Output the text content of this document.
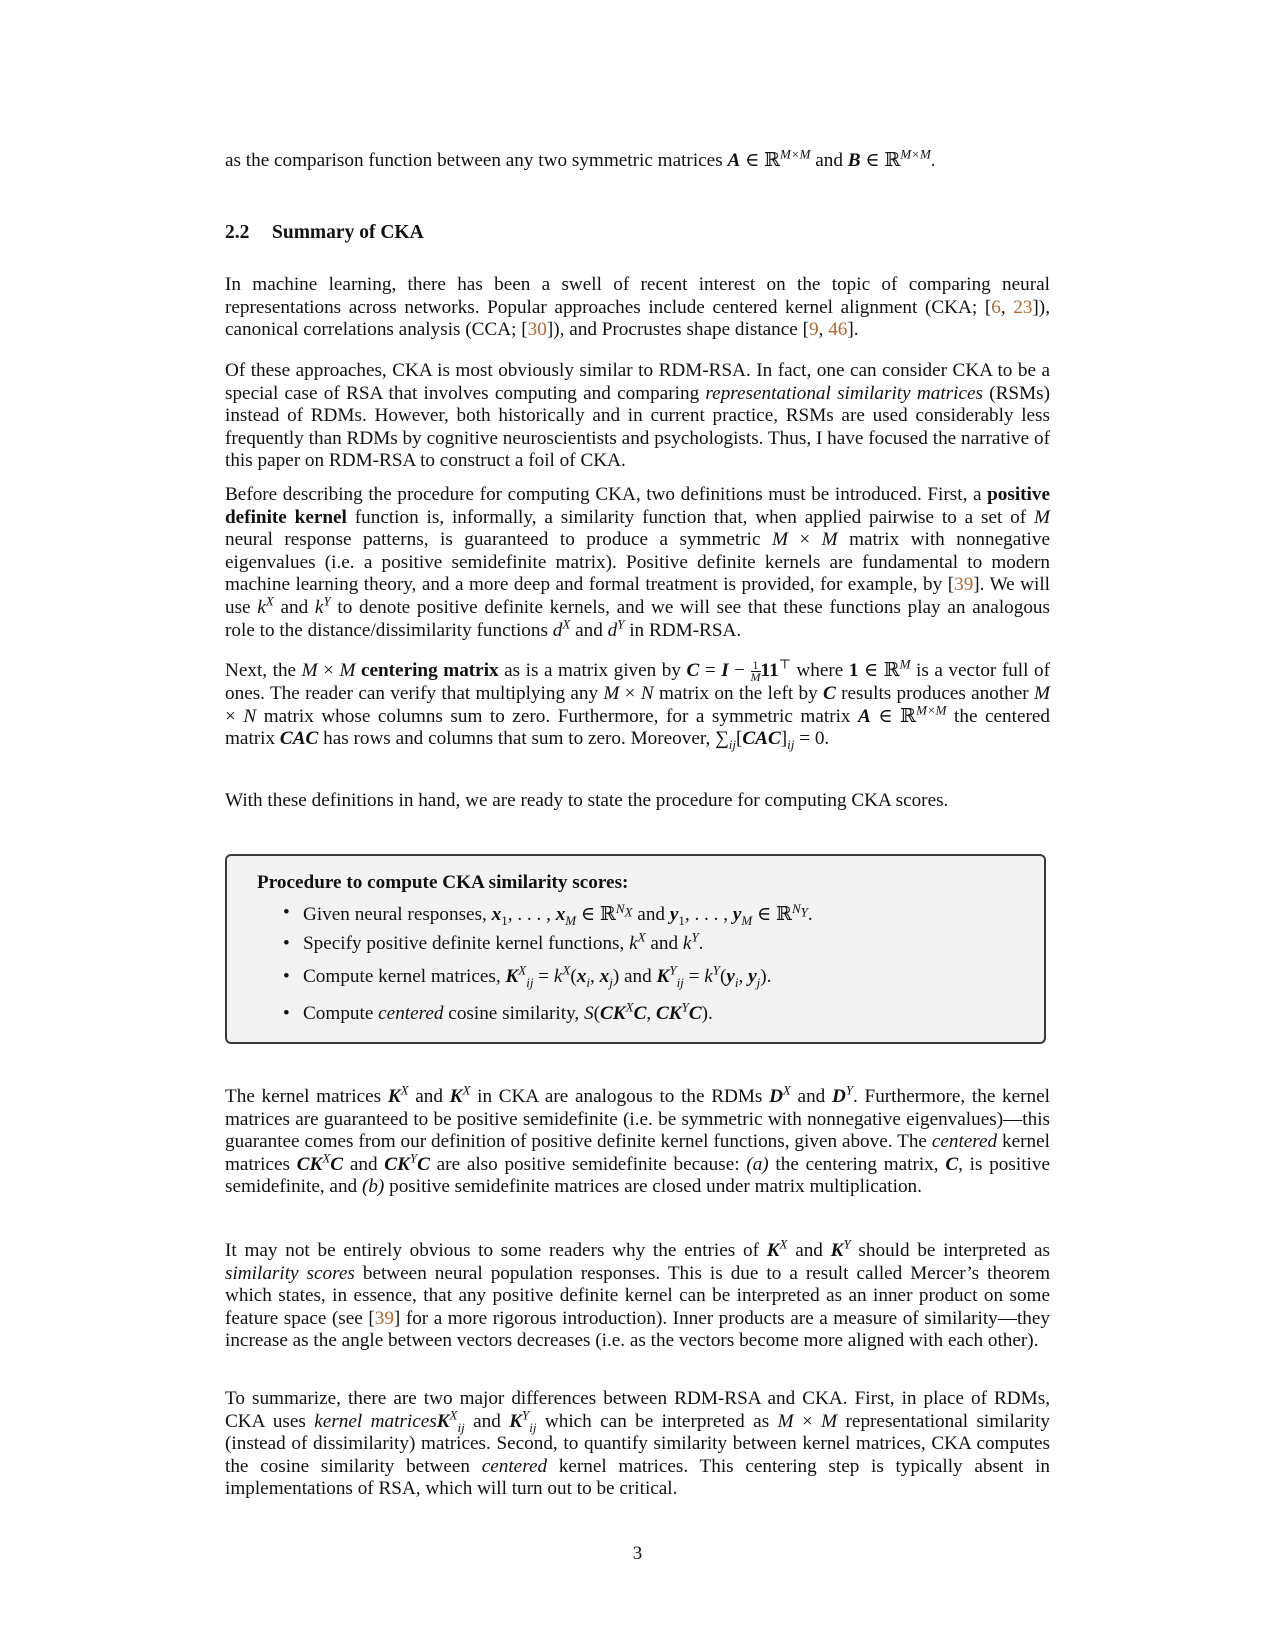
as the comparison function between any two symmetric matrices A ∈ ℝ$^{M\times M}$ and B ∈ ℝ$^{M\times M}$.

2.2 Summary of CKA

In machine learning, there has been a swell of recent interest on the topic of comparing neural representations across networks. Popular approaches include centered kernel alignment (CKA; [6, 23]), canonical correlations analysis (CCA; [30]), and Procrustes shape distance [9, 46].

Of these approaches, CKA is most obviously similar to RDM-RSA. In fact, one can consider CKA to be a special case of RSA that involves computing and comparing representational similarity matrices (RSMs) instead of RDMs. However, both historically and in current practice, RSMs are used considerably less frequently than RDMs by cognitive neuroscientists and psychologists. Thus, I have focused the narrative of this paper on RDM-RSA to construct a foil of CKA.

Before describing the procedure for computing CKA, two definitions must be introduced. First, a positive definite kernel function is, informally, a similarity function that, when applied pairwise to a set of M neural response patterns, is guaranteed to produce a symmetric M × M matrix with nonnegative eigenvalues (i.e. a positive semidefinite matrix). Positive definite kernels are fundamental to modern machine learning theory, and a more deep and formal treatment is provided, for example, by [39]. We will use $k^X$ and $k^Y$ to denote positive definite kernels, and we will see that these functions play an analogous role to the distance/dissimilarity functions $d^X$ and $d^Y$ in RDM-RSA.

Next, the M × M centering matrix as is a matrix given by $C = I - \frac{1}{M} 11^⊤$ where 1 ∈ ℝ$^M$ is a vector full of ones. The reader can verify that multiplying any M × N matrix on the left by C results produces another M × N matrix whose columns sum to zero. Furthermore, for a symmetric matrix A ∈ ℝ$^{M\times M}$ the centered matrix CAC has rows and columns that sum to zero. Moreover, $\sum_{ij}[CAC]_{ij} = 0$.

With these definitions in hand, we are ready to state the procedure for computing CKA scores.

Procedure to compute CKA similarity scores:
• Given neural responses, $x_1$, . . . , $x_M$ ∈ ℝ$^{N_X}$ and $y_1$, . . . , $y_M$ ∈ ℝ$^{N_Y}$.
• Specify positive definite kernel functions, $k^X$ and $k^Y$.
• Compute kernel matrices, $K^X_{ij} = k^X(x_i$, $x_j$) and $K^Y_{ij} = k^Y(y_i$, $y_j$).
• Compute centered cosine similarity, $S(CK^XC$, $CK^YC$).

The kernel matrices $K^X$ and $K^X$ in CKA are analogous to the RDMs $D^X$ and $D^Y$. Furthermore, the kernel matrices are guaranteed to be positive semidefinite (i.e. be symmetric with nonnegative eigenvalues)—this guarantee comes from our definition of positive definite kernel functions, given above. The centered kernel matrices $CK^XC$ and $CK^YC$ are also positive semidefinite because: (a) the centering matrix, C, is positive semidefinite, and (b) positive semidefinite matrices are closed under matrix multiplication.

It may not be entirely obvious to some readers why the entries of $K^X$ and $K^Y$ should be interpreted as similarity scores between neural population responses. This is due to a result called Mercer’s theorem which states, in essence, that any positive definite kernel can be interpreted as an inner product on some feature space (see [39] for a more rigorous introduction). Inner products are a measure of similarity—they increase as the angle between vectors decreases (i.e. as the vectors become more aligned with each other).

To summarize, there are two major differences between RDM-RSA and CKA. First, in place of RDMs, CKA uses kernel matricesK$^X_{ij}$ and $K^Y_{ij}$ which can be interpreted as M × M representational similarity (instead of dissimilarity) matrices. Second, to quantify similarity between kernel matrices, CKA computes the cosine similarity between centered kernel matrices. This centering step is typically absent in implementations of RSA, which will turn out to be critical.

3
